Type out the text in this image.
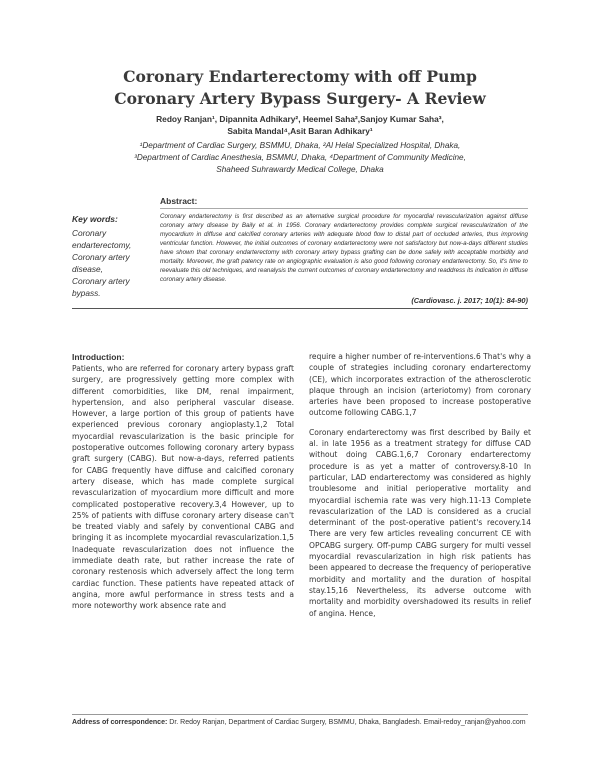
Coronary Endarterectomy with off Pump
Coronary Artery Bypass Surgery- A Review
Redoy Ranjan¹, Dipannita Adhikary², Heemel Saha²,Sanjoy Kumar Saha³,
Sabita Mandal⁴,Asit Baran Adhikary¹
¹Department of Cardiac Surgery, BSMMU, Dhaka, ²Al Helal Specialized Hospital, Dhaka,
³Department of Cardiac Anesthesia, BSMMU, Dhaka, ⁴Department of Community Medicine,
Shaheed Suhrawardy Medical College, Dhaka
Abstract:
Key words:
Coronary
endarterectomy,
Coronary artery
disease,
Coronary artery
bypass.

Coronary endarterectomy is first described as an alternative surgical procedure for myocardial revascularization against diffuse coronary artery disease by Baily et al. in 1956. Coronary endarterectomy provides complete surgical revascularization of the myocardium in diffuse and calcified coronary arteries with adequate blood flow to distal part of occluded arteries, thus improving ventricular function. However, the initial outcomes of coronary endarterectomy were not satisfactory but now-a-days different studies have shown that coronary endarterectomy with coronary artery bypass grafting can be done safely with acceptable morbidity and mortality. Moreover, the graft patency rate on angiographic evaluation is also good following coronary endarterectomy. So, it's time to reevaluate this old techniques, and reanalysis the current outcomes of coronary endarterectomy and readdress its indication in diffuse coronary artery disease.

(Cardiovasc. j. 2017; 10(1): 84-90)
Introduction:

Patients, who are referred for coronary artery bypass graft surgery, are progressively getting more complex with different comorbidities, like DM, renal impairment, hypertension, and also peripheral vascular disease. However, a large portion of this group of patients have experienced previous coronary angioplasty.1,2 Total myocardial revascularization is the basic principle for postoperative outcomes following coronary artery bypass graft surgery (CABG). But now-a-days, referred patients for CABG frequently have diffuse and calcified coronary artery disease, which has made complete surgical revascularization of myocardium more difficult and more complicated postoperative recovery.3,4 However, up to 25% of patients with diffuse coronary artery disease can't be treated viably and safely by conventional CABG and bringing it as incomplete myocardial revascularization.1,5 Inadequate revascularization does not influence the immediate death rate, but rather increase the rate of coronary restenosis which adversely affect the long term cardiac function. These patients have repeated attack of angina, more awful performance in stress tests and a more noteworthy work absence rate and

require a higher number of re-interventions.6 That's why a couple of strategies including coronary endarterectomy (CE), which incorporates extraction of the atherosclerotic plaque through an incision (arteriotomy) from coronary arteries have been proposed to increase postoperative outcome following CABG.1,7

Coronary endarterectomy was first described by Baily et al. in late 1956 as a treatment strategy for diffuse CAD without doing CABG.1,6,7 Coronary endarterectomy procedure is as yet a matter of controversy.8-10 In particular, LAD endarterectomy was considered as highly troublesome and initial perioperative mortality and myocardial ischemia rate was very high.11-13 Complete revascularization of the LAD is considered as a crucial determinant of the post-operative patient's recovery.14 There are very few articles revealing concurrent CE with OPCABG surgery. Off-pump CABG surgery for multi vessel myocardial revascularization in high risk patients has been appeared to decrease the frequency of perioperative morbidity and mortality and the duration of hospital stay.15,16 Nevertheless, its adverse outcome with mortality and morbidity overshadowed its results in relief of angina. Hence,

Address of correspondence: Dr. Redoy Ranjan, Department of Cardiac Surgery, BSMMU, Dhaka, Bangladesh. Email-redoy_ranjan@yahoo.com
